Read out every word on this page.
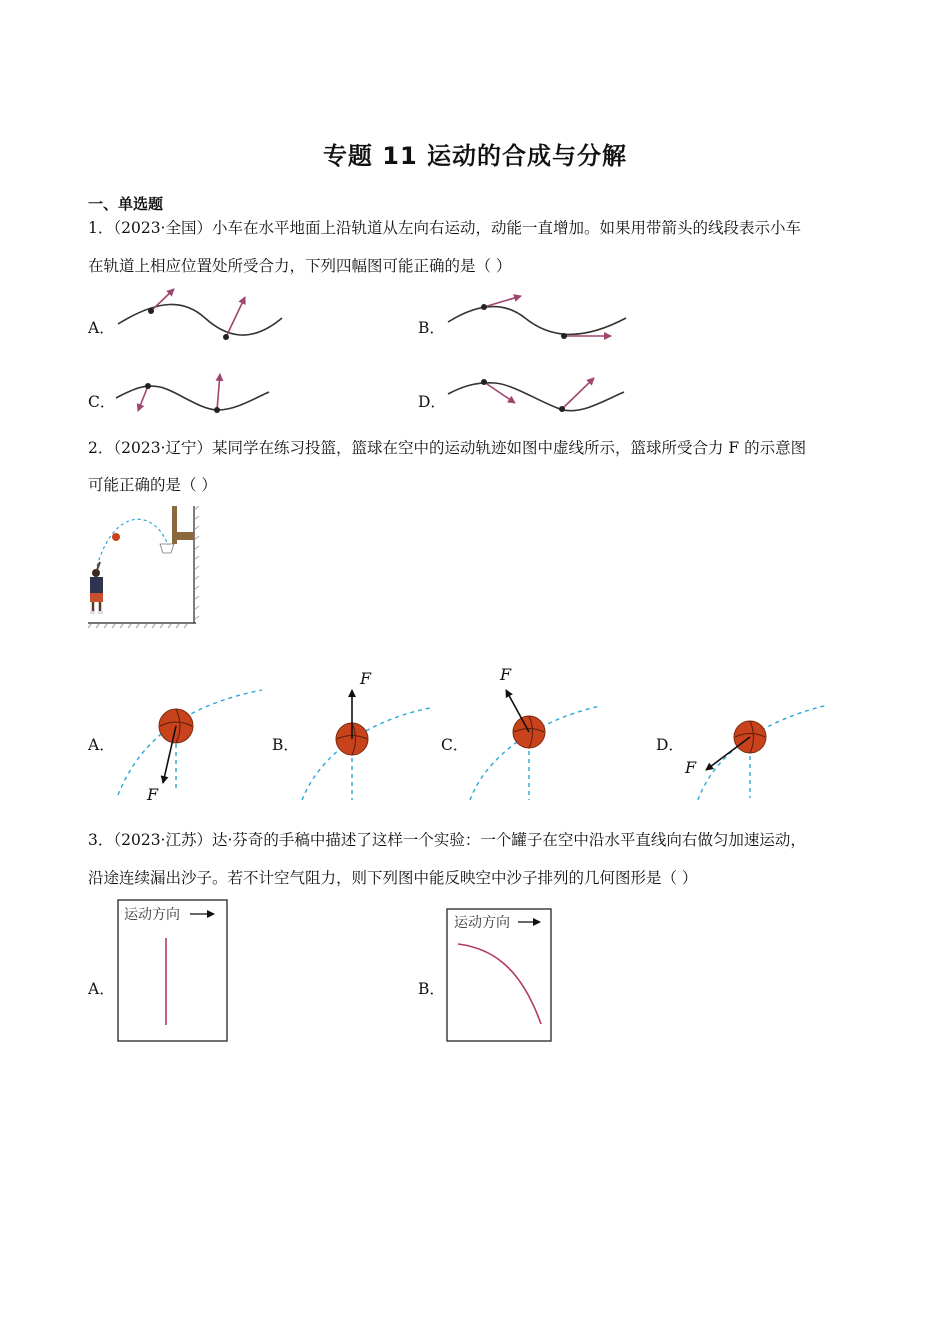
专题 11 运动的合成与分解
一、单选题
1．（2023·全国）小车在水平地面上沿轨道从左向右运动，动能一直增加。如果用带箭头的线段表示小车
在轨道上相应位置处所受合力，下列四幅图可能正确的是（ ）
A．	B．
C．	D．
F
F	F
F
运动方向	运动方向
2．（2023·辽宁）某同学在练习投篮，篮球在空中的运动轨迹如图中虚线所示，篮球所受合力 F 的示意图
可能正确的是（ ）
A．	B．	C．	D．
3．（2023·江苏）达·芬奇的手稿中描述了这样一个实验：一个罐子在空中沿水平直线向右做匀加速运动，
沿途连续漏出沙子。若不计空气阻力，则下列图中能反映空中沙子排列的几何图形是（ ）
A．	B．
